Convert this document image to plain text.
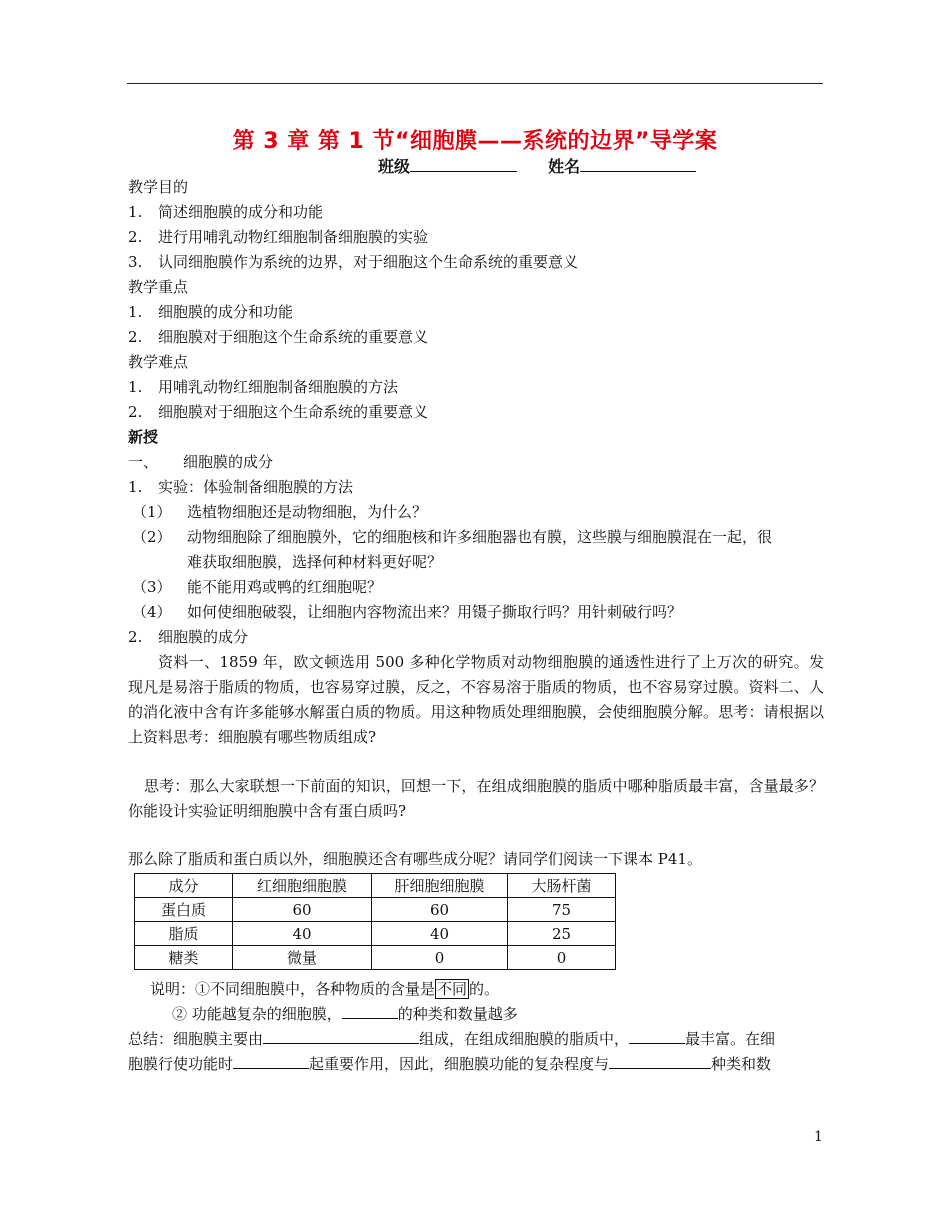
第 3 章 第 1 节“细胞膜——系统的边界”导学案
班级	姓名
教学目的
1. 简述细胞膜的成分和功能
2. 进行用哺乳动物红细胞制备细胞膜的实验
3. 认同细胞膜作为系统的边界，对于细胞这个生命系统的重要意义
教学重点
1. 细胞膜的成分和功能
2. 细胞膜对于细胞这个生命系统的重要意义
教学难点
1. 用哺乳动物红细胞制备细胞膜的方法
2. 细胞膜对于细胞这个生命系统的重要意义
新授
一、 细胞膜的成分
1. 实验：体验制备细胞膜的方法
（1） 选植物细胞还是动物细胞，为什么？
（2） 动物细胞除了细胞膜外，它的细胞核和许多细胞器也有膜，这些膜与细胞膜混在一起，很
难获取细胞膜，选择何种材料更好呢？
（3） 能不能用鸡或鸭的红细胞呢？
（4） 如何使细胞破裂，让细胞内容物流出来？用镊子撕取行吗？用针刺破行吗？
2. 细胞膜的成分
资料一、1859 年，欧文顿选用 500 多种化学物质对动物细胞膜的通透性进行了上万次的研究。发现凡是易溶于脂质的物质，也容易穿过膜，反之，不容易溶于脂质的物质，也不容易穿过膜。资料二、人的消化液中含有许多能够水解蛋白质的物质。用这种物质处理细胞膜，会使细胞膜分解。思考：请根据以上资料思考：细胞膜有哪些物质组成?
思考：那么大家联想一下前面的知识，回想一下，在组成细胞膜的脂质中哪种脂质最丰富，含量最多？你能设计实验证明细胞膜中含有蛋白质吗?
那么除了脂质和蛋白质以外，细胞膜还含有哪些成分呢？请同学们阅读一下课本 P41。
成分	红细胞细胞膜	肝细胞细胞膜	大肠杆菌
蛋白质	60	60	75
脂质	40	40	25
糖类	微量	0	0
说明：①不同细胞膜中，各种物质的含量是 不同 的。
② 功能越复杂的细胞膜，	的种类和数量越多
总结：细胞膜主要由	组成，在组成细胞膜的脂质中，	最丰富。在细
胞膜行使功能时	起重要作用，因此，细胞膜功能的复杂程度与	种类和数
1
